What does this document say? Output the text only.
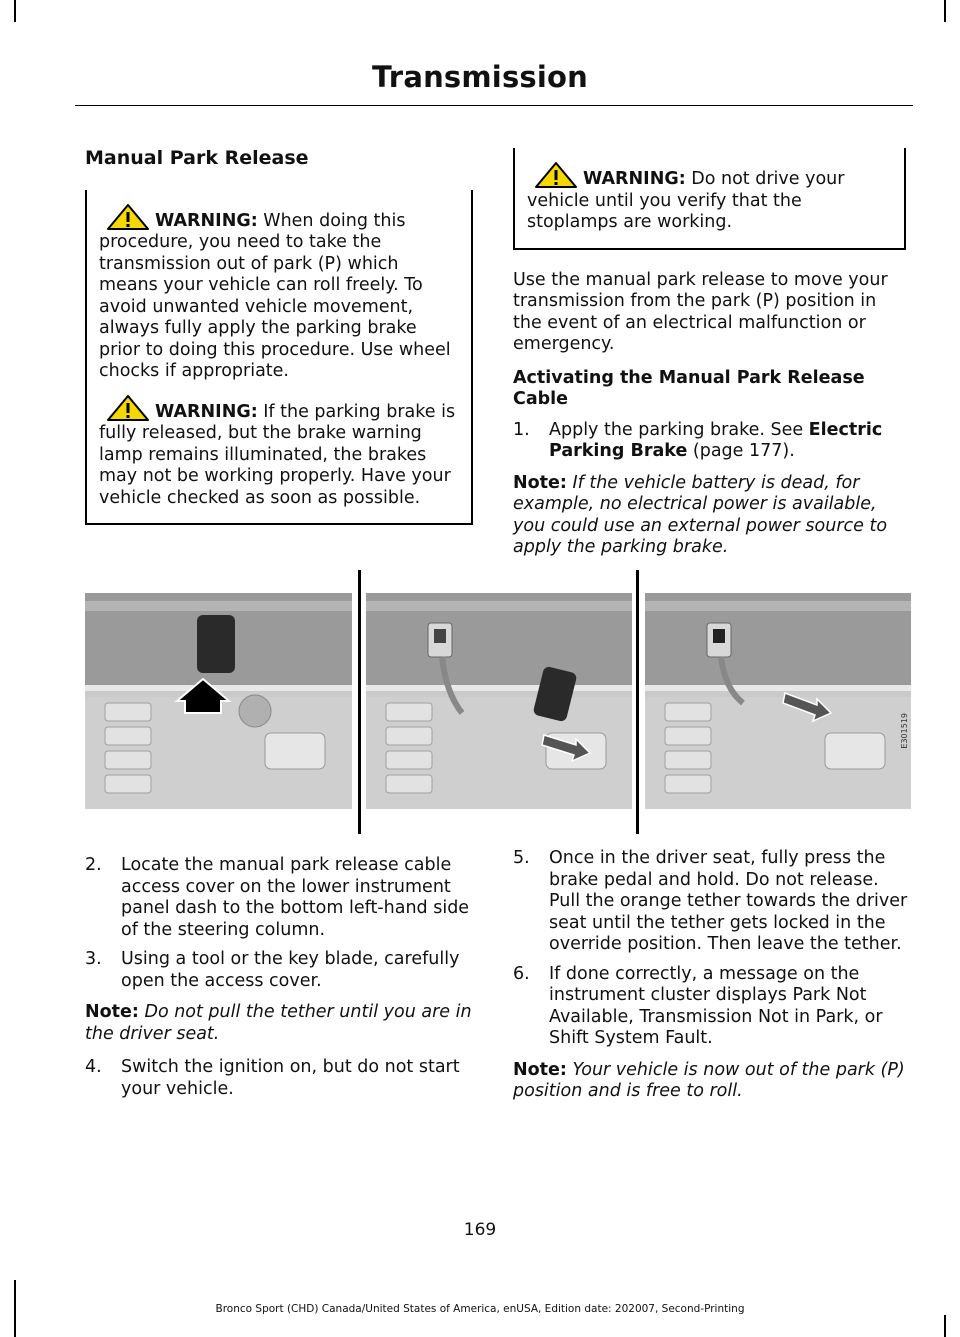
Transmission
Manual Park Release

WARNING: When doing this procedure, you need to take the transmission out of park (P) which means your vehicle can roll freely. To avoid unwanted vehicle movement, always fully apply the parking brake prior to doing this procedure. Use wheel chocks if appropriate.

WARNING: If the parking brake is fully released, but the brake warning lamp remains illuminated, the brakes may not be working properly. Have your vehicle checked as soon as possible.

WARNING: Do not drive your vehicle until you verify that the stoplamps are working.

Use the manual park release to move your transmission from the park (P) position in the event of an electrical malfunction or emergency.

Activating the Manual Park Release Cable
1. Apply the parking brake. See Electric Parking Brake (page 177).

Note: If the vehicle battery is dead, for example, no electrical power is available, you could use an external power source to apply the parking brake.

E301519
2. Locate the manual park release cable access cover on the lower instrument panel dash to the bottom left-hand side of the steering column.
3. Using a tool or the key blade, carefully open the access cover.

Note: Do not pull the tether until you are in the driver seat.

4. Switch the ignition on, but do not start your vehicle.
5. Once in the driver seat, fully press the brake pedal and hold. Do not release. Pull the orange tether towards the driver seat until the tether gets locked in the override position. Then leave the tether.
6. If done correctly, a message on the instrument cluster displays Park Not Available, Transmission Not in Park, or Shift System Fault.

Note: Your vehicle is now out of the park (P) position and is free to roll.

169
Bronco Sport (CHD) Canada/United States of America, enUSA, Edition date: 202007, Second-Printing
